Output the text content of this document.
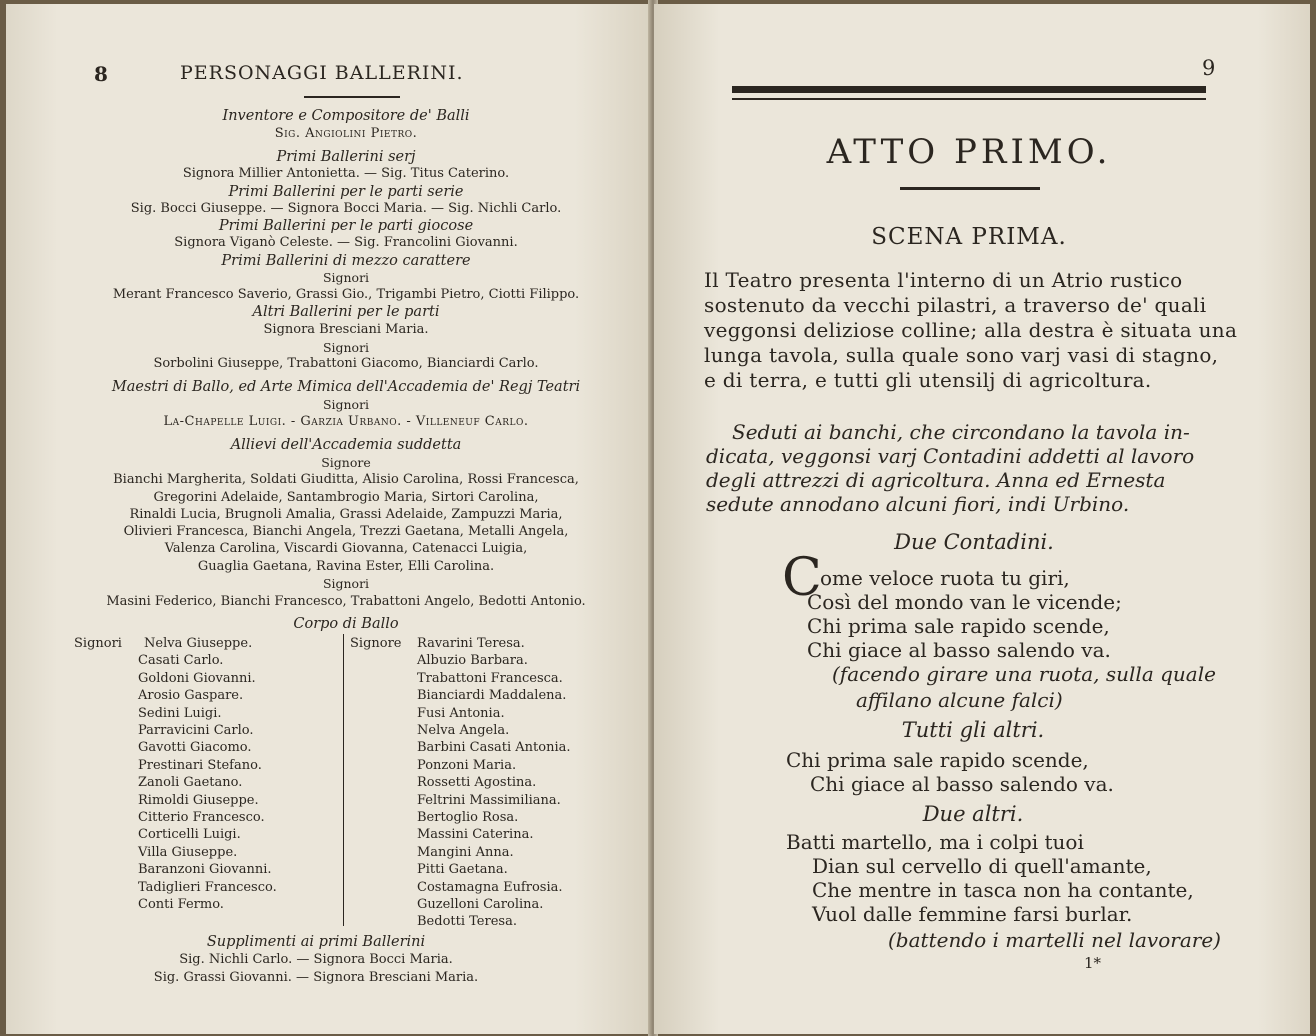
8	PERSONAGGI BALLERINI.
Inventore e Compositore de' Balli
Sig. Angiolini Pietro.
Primi Ballerini serj
Signora Millier Antonietta. — Sig. Titus Caterino.
Primi Ballerini per le parti serie
Sig. Bocci Giuseppe. — Signora Bocci Maria. — Sig. Nichli Carlo.
Primi Ballerini per le parti giocose
Signora Viganò Celeste. — Sig. Francolini Giovanni.
Primi Ballerini di mezzo carattere
Signori
Merant Francesco Saverio, Grassi Gio., Trigambi Pietro, Ciotti Filippo.
Altri Ballerini per le parti
Signora Bresciani Maria.
Signori
Sorbolini Giuseppe, Trabattoni Giacomo, Bianciardi Carlo.
Maestri di Ballo, ed Arte Mimica dell'Accademia de' Regj Teatri
Signori
La-Chapelle Luigi. - Garzia Urbano. - Villeneuf Carlo.
Allievi dell'Accademia suddetta
Signore
Bianchi Margherita, Soldati Giuditta, Alisio Carolina, Rossi Francesca,
Gregorini Adelaide, Santambrogio Maria, Sirtori Carolina,
Rinaldi Lucia, Brugnoli Amalia, Grassi Adelaide, Zampuzzi Maria,
Olivieri Francesca, Bianchi Angela, Trezzi Gaetana, Metalli Angela,
Valenza Carolina, Viscardi Giovanna, Catenacci Luigia,
Guaglia Gaetana, Ravina Ester, Elli Carolina.
Signori
Masini Federico, Bianchi Francesco, Trabattoni Angelo, Bedotti Antonio.
Corpo di Ballo
Signori Nelva Giuseppe.
Casati Carlo.
Goldoni Giovanni.
Arosio Gaspare.
Sedini Luigi.
Parravicini Carlo.
Gavotti Giacomo.
Prestinari Stefano.
Zanoli Gaetano.
Rimoldi Giuseppe.
Citterio Francesco.
Corticelli Luigi.
Villa Giuseppe.
Baranzoni Giovanni.
Tadiglieri Francesco.
Conti Fermo.
Signore Ravarini Teresa.
Albuzio Barbara.
Trabattoni Francesca.
Bianciardi Maddalena.
Fusi Antonia.
Nelva Angela.
Barbini Casati Antonia.
Ponzoni Maria.
Rossetti Agostina.
Feltrini Massimiliana.
Bertoglio Rosa.
Massini Caterina.
Mangini Anna.
Pitti Gaetana.
Costamagna Eufrosia.
Guzelloni Carolina.
Bedotti Teresa.
Supplimenti ai primi Ballerini
Sig. Nichli Carlo. — Signora Bocci Maria.
Sig. Grassi Giovanni. — Signora Bresciani Maria.
9
ATTO PRIMO.
SCENA PRIMA.
Il Teatro presenta l'interno di un Atrio rustico
sostenuto da vecchi pilastri, a traverso de' quali
veggonsi deliziose colline; alla destra è situata una
lunga tavola, sulla quale sono varj vasi di stagno,
e di terra, e tutti gli utensilj di agricoltura.
Seduti ai banchi, che circondano la tavola in-
dicata, veggonsi varj Contadini addetti al lavoro
degli attrezzi di agricoltura. Anna ed Ernesta
sedute annodano alcuni fiori, indi Urbino.
Due Contadini.
C
ome veloce ruota tu giri,
Così del mondo van le vicende;
Chi prima sale rapido scende,
Chi giace al basso salendo va.
(facendo girare una ruota, sulla quale
affilano alcune falci)
Tutti gli altri.
Chi prima sale rapido scende,
Chi giace al basso salendo va.
Due altri.
Batti martello, ma i colpi tuoi
Dian sul cervello di quell'amante,
Che mentre in tasca non ha contante,
Vuol dalle femmine farsi burlar.
(battendo i martelli nel lavorare)
1*
